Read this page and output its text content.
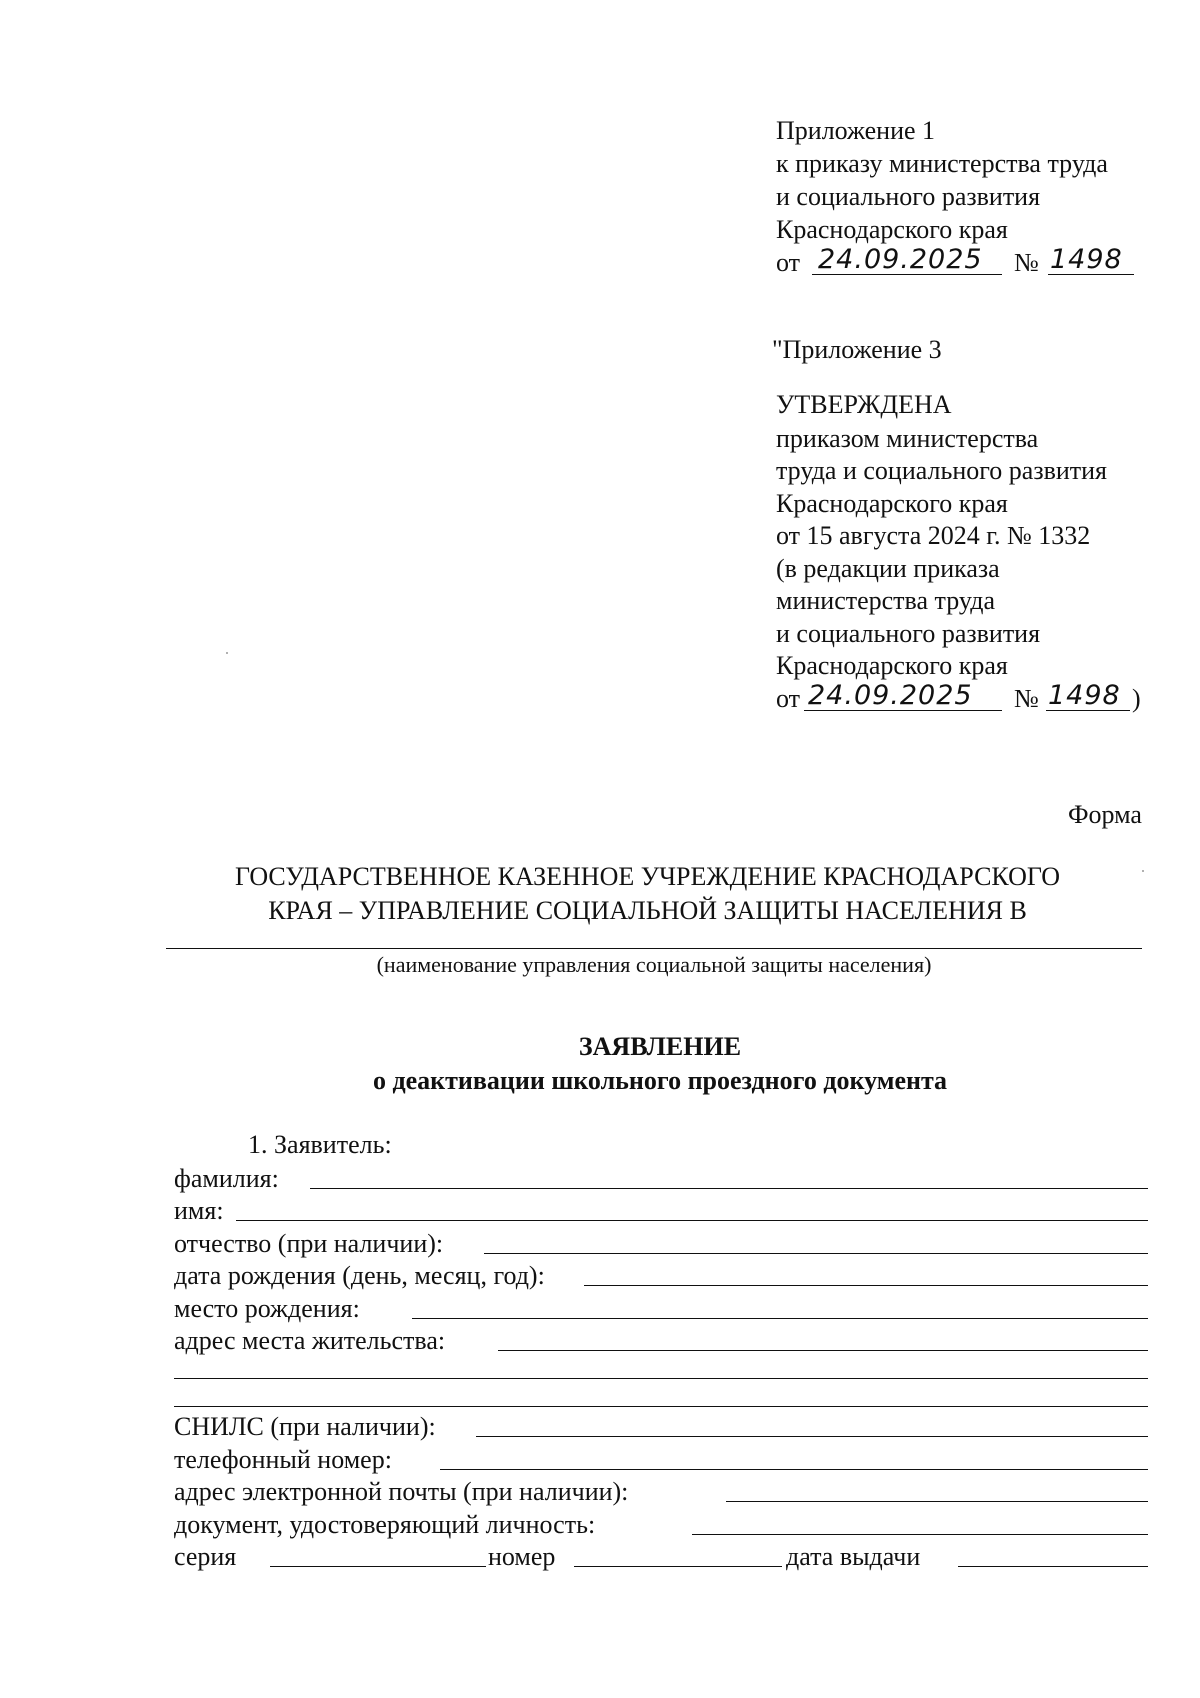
Приложение 1
к приказу министерства труда
и социального развития
Краснодарского края
от 24.09.2025 № 1498
"Приложение 3
УТВЕРЖДЕНА
приказом министерства
труда и социального развития
Краснодарского края
от 15 августа 2024 г. № 1332
(в редакции приказа
министерства труда
и социального развития
Краснодарского края
от 24.09.2025 № 1498 )
Форма
ГОСУДАРСТВЕННОЕ КАЗЕННОЕ УЧРЕЖДЕНИЕ КРАСНОДАРСКОГО
КРАЯ – УПРАВЛЕНИЕ СОЦИАЛЬНОЙ ЗАЩИТЫ НАСЕЛЕНИЯ В
(наименование управления социальной защиты населения)
ЗАЯВЛЕНИЕ
о деактивации школьного проездного документа
1. Заявитель:
фамилия:
имя:
отчество (при наличии):
дата рождения (день, месяц, год):
место рождения:
адрес места жительства:
СНИЛС (при наличии):
телефонный номер:
адрес электронной почты (при наличии):
документ, удостоверяющий личность:
серия	номер	дата выдачи
